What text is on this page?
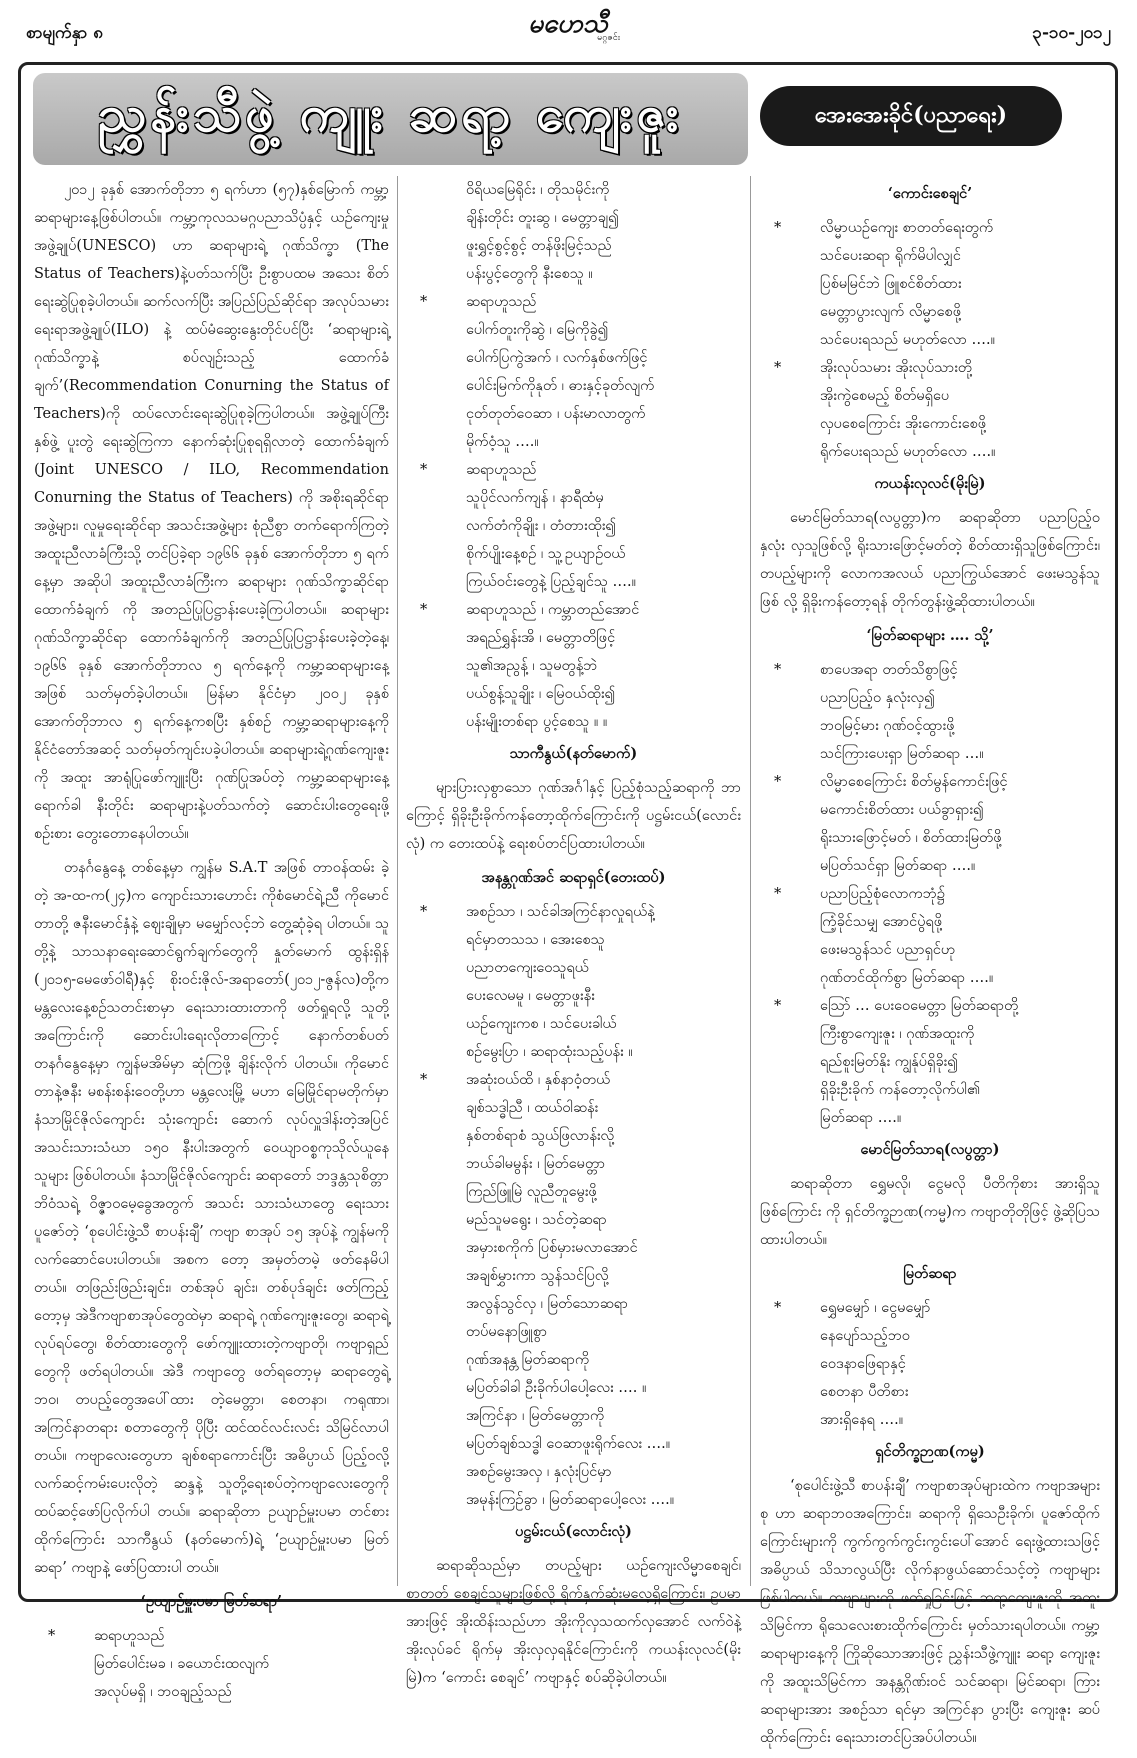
စာမျက်နှာ ၈	မဟေသီ
မဂ္ဂဇင်း	၃-၁၀-၂၀၁၂
ညွှန်းသီဖွဲ့ ကျူး ဆရာ့ ကျေးဇူး	အေးအေးခိုင်(ပညာရေး)

၂၀၁၂ ခုနှစ် အောက်တိုဘာ ၅ ရက်ဟာ (၅၇)နှစ်မြောက် ကမ္ဘာ့ဆရာများနေ့ဖြစ်ပါတယ်။ ကမ္ဘာ့ကုလသမဂ္ဂပညာသိပ္ပံနှင့် ယဉ်ကျေးမှုအဖွဲ့ချုပ်(UNESCO) ဟာ ဆရာများရဲ့ ဂုဏ်သိက္ခာ (The Status of Teachers)နဲ့ပတ်သက်ပြီး ဦးစွာပထမ အသေး စိတ် ရေးဆွဲပြုစုခဲ့ပါတယ်။ ဆက်လက်ပြီး အပြည်ပြည်ဆိုင်ရာ အလုပ်သမားရေးရာအဖွဲ့ချုပ်(ILO) နဲ့ ထပ်မံဆွေးနွေးတိုင်ပင်ပြီး ‘ဆရာများရဲ့ဂုဏ်သိက္ခာနဲ့ စပ်လျဉ်းသည့် ထောက်ခံချက်’(Recommendation Conurning the Status of Teachers)ကို ထပ်လောင်းရေးဆွဲပြုစုခဲ့ကြပါတယ်။ အဖွဲ့ချုပ်ကြီးနှစ်ဖွဲ့ ပူးတွဲ ရေးဆွဲကြကာ နောက်ဆုံးပြုစုရရှိလာတဲ့ ထောက်ခံချက် (Joint UNESCO / ILO, Recommendation Conurning the Status of Teachers) ကို အစိုးရဆိုင်ရာအဖွဲ့များ၊ လူမှုရေးဆိုင်ရာ အသင်းအဖွဲ့များ စုံညီစွာ တက်ရောက်ကြတဲ့ အထူးညီလာခံကြီးသို့ တင်ပြခဲ့ရာ ၁၉၆၆ ခုနှစ် အောက်တိုဘာ ၅ ရက်နေ့မှာ အဆိုပါ အထူးညီလာခံကြီးက ဆရာများ ဂုဏ်သိက္ခာဆိုင်ရာထောက်ခံချက် ကို အတည်ပြုပြဋ္ဌာန်းပေးခဲ့ကြပါတယ်။ ဆရာများဂုဏ်သိက္ခာဆိုင်ရာ ထောက်ခံချက်ကို အတည်ပြုပြဋ္ဌာန်းပေးခဲ့တဲ့နေ့၊ ၁၉၆၆ ခုနှစ် အောက်တိုဘာလ ၅ ရက်နေ့ကို ကမ္ဘာ့ဆရာများနေ့ အဖြစ် သတ်မှတ်ခဲ့ပါတယ်။ မြန်မာ နိုင်ငံမှာ ၂၀၀၂ ခုနှစ် အောက်တိုဘာလ ၅ ရက်နေ့ကစပြီး နှစ်စဉ် ကမ္ဘာ့ဆရာများနေ့ကို နိုင်ငံတော်အဆင့် သတ်မှတ်ကျင်းပခဲ့ပါတယ်။ ဆရာများရဲ့ဂုဏ်ကျေးဇူးကို အထူး အာရုံပြုဖော်ကျူးပြီး ဂုဏ်ပြုအပ်တဲ့ ကမ္ဘာ့ဆရာများနေ့ ရောက်ခါ နီးတိုင်း ဆရာများနဲ့ပတ်သက်တဲ့ ဆောင်းပါးတွေရေးဖို့ စဉ်းစား တွေးတောနေပါတယ်။

တနင်္ဂနွေနေ့ တစ်နေ့မှာ ကျွန်မ S.A.T အဖြစ် တာဝန်ထမ်း ခဲ့တဲ့ အ-ထ-က(၂၄)က ကျောင်းသားဟောင်း ကိုစံမောင်ရဲ့ညီ ကိုမောင်တာတို့ ဇနီးမောင်နှံနဲ့ ဈေးချိုမှာ မမျှော်လင့်ဘဲ တွေ့ဆုံခဲ့ရ ပါတယ်။ သူတို့နဲ့ သာသနာရေးဆောင်ရွက်ချက်တွေကို နှုတ်မောက် ထွန်းရှိန် (၂၀၁၅-မေဖော်ဝါရီ)နှင့် စိုးဝင်းဇိုလ်-အရာတော်(၂၀၁၂-ဇွန်လ)တို့က မန္တလေးနေ့စဉ်သတင်းစာမှာ ရေးသားထားတာကို ဖတ်ရှုရလို့ သူတို့အကြောင်းကို ဆောင်းပါးရေးလိုတာကြောင့် နောက်တစ်ပတ် တနင်္ဂနွေနေ့မှာ ကျွန်မအိမ်မှာ ဆုံကြဖို့ ချိန်းလိုက် ပါတယ်။ ကိုမောင်တာနဲ့ဇနီး မစန်းစန်းဝေတို့ဟာ မန္တလေးမြို့ မဟာ မြေမြိုင်ရာမတိုက်မှာ နံသာမြိုင်ဇိုလ်ကျောင်း သုံးကျောင်း ဆောက် လုပ်လှူဒါန်းတဲ့အပြင် အသင်းသားသံဃာ ၁၅၀ နီးပါးအတွက် ဝေယျာဝစ္စကုသိုလ်ယူနေသူများ ဖြစ်ပါတယ်။ နံသာမြိုင်ဇိုလ်ကျောင်း ဆရာတော် ဘဒ္ဒန္တသုစိတ္တာဘိဝံသရဲ့ ဝိဇ္ဇာဝမေ့ခွေအတွက် အသင်း သားသံဃာတွေ ရေးသားပူဇော်တဲ့ ‘စုပေါင်းဖွဲ့သီ စာပန်းချီ’ ကဗျာ စာအုပ် ၁၅ အုပ်နဲ့ ကျွန်မကို လက်ဆောင်ပေးပါတယ်။ အစက တော့ အမှတ်တမဲ့ ဖတ်နေမိပါတယ်။ တဖြည်းဖြည်းချင်း၊ တစ်အုပ် ချင်း၊ တစ်ပုဒ်ချင်း ဖတ်ကြည့်တော့မှ အဲဒီကဗျာစာအုပ်တွေထဲမှာ ဆရာရဲ့ ဂုဏ်ကျေးဇူးတွေ၊ ဆရာရဲ့လုပ်ရပ်တွေ၊ စိတ်ထားတွေကို ဖော်ကျူးထားတဲ့ကဗျာတို၊ ကဗျာရှည်တွေကို ဖတ်ရပါတယ်။ အဲဒီ ကဗျာတွေ ဖတ်ရတော့မှ ဆရာတွေရဲ့ ဘဝ၊ တပည့်တွေအပေါ်ထား တဲ့မေတ္တာ၊ စေတနာ၊ ကရုဏာ၊ အကြင်နာတရား စတာတွေကို ပိုပြီး ထင်ထင်လင်းလင်း သိမြင်လာပါတယ်။ ကဗျာလေးတွေဟာ ချစ်စရာကောင်းပြီး အဓိပ္ပာယ် ပြည့်ဝလို့ လက်ဆင့်ကမ်းပေးလိုတဲ့ ဆန္ဒနဲ့ သူတို့ရေးစပ်တဲ့ကဗျာလေးတွေကို ထပ်ဆင့်ဖော်ပြလိုက်ပါ တယ်။ ဆရာဆိုတာ ဥယျာဉ်မှူးပမာ တင်စားထိုက်ကြောင်း သာကီနွယ် (နတ်မောက်)ရဲ့ ‘ဥယျာဉ်မှူးပမာ မြတ်ဆရာ’ ကဗျာနဲ့ ဖော်ပြထားပါ တယ်။

‘ဥယျာဉ်မှူးပမာ မြတ်ဆရာ’
* ဆရာဟူသည်
မြတ်ပေါင်းမခ ၊ ခယောင်းထလျက်
အလုပ်မရှိ ၊ ဘဝချည့်သည်
ဝိရိယမြေရိုင်း ၊ တိုသမိုင်းကို
ချိန်းတိုင်း တူးဆွ ၊ မေတ္တာချ၍
ဖူးရွှင့်စွင့်စွင့် တန်ဖိုးမြင့်သည်
ပန်းပွင့်တွေကို နီးစေသူ ။
* ဆရာဟူသည်
ပေါက်တူးကိုဆွဲ ၊ မြေကိုခွဲ၍
ပေါက်ပြကွဲအက် ၊ လက်နှစ်ဖက်ဖြင့်
ပေါင်းမြက်ကိုနုတ် ၊ ဓားနှင့်ခုတ်လျက်
ငုတ်တုတ်ဝေဆာ ၊ ပန်းမာလာတွက်
မိုက်ဝံ့သူ ….။
* ဆရာဟူသည်
သူပိုင်လက်ကျန် ၊ နာရီထံမှ
လက်တံကိုချိုး ၊ တံတားထိုး၍
စိုက်ပျိုးနေ့စဉ် ၊ သူ့ဥယျာဉ်ဝယ်
ကြယ်ဝင်းတွေနဲ့ ပြည့်ချင်သူ ….။
* ဆရာဟူသည် ၊ ကမ္ဘာတည်အောင်
အရည်ရွှန်းအိ ၊ မေတ္တာတိဖြင့်
သူ၏အညွန့် ၊ သူမတွန့်ဘဲ
ပယ်စွန့်သူချိုး ၊ မြေဝယ်ထိုး၍
ပန်းမျိုးတစ်ရာ ပွင့်စေသူ ။ ။
သာကီနွယ်(နတ်မောက်)

များပြားလှစွာသော ဂုဏ်အင်္ဂါနှင့် ပြည့်စုံသည့်ဆရာကို ဘာ ကြောင့် ရှိခိုးဦးခိုက်ကန်တော့ထိုက်ကြောင်းကို ပဋ္ဌမ်းငယ်(လောင်းလုံ) က တေးထပ်နဲ့ ရေးစပ်တင်ပြထားပါတယ်။

အနန္တဂုဏ်အင် ဆရာရှင်(တေးထပ်)
* အစဉ်သာ ၊ သင်ခါအကြင်နာလှုရယ်နဲ့
ရင်မှာတသသ ၊ အေးစေသူ
ပညာတကျေးဝေသူရယ်
ပေးလေမမူ ၊ မေတ္တာဖူးနီး
ယဉ်ကျေးကစ ၊ သင်ပေးခါယ်
စဉ်မွေးပြာ ၊ ဆရာထုံးသည့်ပန်း ။
* အဆုံးဝယ်ထိ ၊ နှစ်နာဝံ့တယ်
ချစ်သဒ္ဓါညီ ၊ ထယ်ဝါဆန်း
နှစ်တစ်ရာစံ သွယ်ဖြလာန်းလို့
ဘယ်ခါမမွန်း ၊ မြတ်မေတ္တာ
ကြည်ဖြူမြဲ လူညီတူမွေးဖို့
မည်သူမရွေး ၊ သင်တဲ့ဆရာ
အမှားစကိုက် ပြစ်မှားမလာအောင်
အချစ်မွှားကာ သွန်သင်ပြလို့
အလွန်သွင်လှ ၊ မြတ်သောဆရာ
တပ်မနောဖြူစွာ
ဂုဏ်အနန္တ မြတ်ဆရာကို
မပြတ်ခါခါ ဦးခိုက်ပါပေါ့လေး …. ။
အကြင်နာ ၊ မြတ်မေတ္တာကို
မပြတ်ချစ်သဒ္ဓါ ဝေဆာဖူးရိုက်လေး ….။
အစဉ်မွေးအလှ ၊ နှလုံးပြင်မှာ
အမုန်းကြဉ်ခွာ ၊ မြတ်ဆရာပေါ့လေး ….။
ပဋ္ဌမ်းငယ်(လောင်းလုံ)

ဆရာဆိုသည်မှာ တပည့်များ ယဉ်ကျေးလိမ္မာစေချင်၊ စာတတ် စေချင်သူများဖြစ်လို့ ရိုက်နှက်ဆုံးမလေ့ရှိကြောင်း၊ ဥပမာအားဖြင့် အိုးထိန်းသည်ဟာ အိုးကိုလှသထက်လှအောင် လက်ဝဲနဲ့ အိုးလုပ်ခင် ရိုက်မှ အိုးလှလှရနိုင်ကြောင်းကို ကယန်းလုလင်(မိုးမြဲ)က ‘ကောင်း စေချင်’ ကဗျာနှင့် စပ်ဆိုခဲ့ပါတယ်။

‘ကောင်းစေချင်’
* လိမ္မာယဉ်ကျေး စာတတ်ရေးတွက်
သင်ပေးဆရာ ရိုက်မိပါလျှင်
ပြစ်မမြင်ဘဲ ဖြူစင်စိတ်ထား
မေတ္တာပွားလျက် လိမ္မာစေဖို့
သင်ပေးရသည် မဟုတ်လော ….။
* အိုးလုပ်သမား အိုးလုပ်သားတို့
အိုးကွဲစေမည့် စိတ်မရှိပေ
လှပစေကြောင်း အိုးကောင်းစေဖို့
ရိုက်ပေးရသည် မဟုတ်လော ….။
ကယန်းလုလင်(မိုးမြဲ)

မောင်မြတ်သာရ(လပွတ္တာ)က ဆရာဆိုတာ ပညာပြည့်ဝ နှလုံး လှသူဖြစ်လို့ ရိုးသားဖြောင့်မတ်တဲ့ စိတ်ထားရှိသူဖြစ်ကြောင်း၊ တပည့်များကို လောကအလယ် ပညာကြွယ်အောင် ဖေးမသွန်သူဖြစ် လို့ ရှိခိုးကန်တော့ရန် တိုက်တွန်းဖွဲ့ဆိုထားပါတယ်။

‘မြတ်ဆရာများ …. သို့’
* စာပေအရာ တတ်သိစွာဖြင့်
ပညာပြည့်ဝ နှလုံးလှ၍
ဘဝမြင့်မား ဂုဏ်ဝင့်ထွားဖို့
သင်ကြားပေးရှာ မြတ်ဆရာ …။
* လိမ္မာစေကြောင်း စိတ်မွန်ကောင်းဖြင့်
မကောင်းစိတ်ထား ပယ်ခွာရှား၍
ရိုးသားဖြောင့်မတ် ၊ စိတ်ထားမြတ်ဖို့
မပြတ်သင်ရှာ မြတ်ဆရာ ….။
* ပညာပြည့်စုံလောကဘုံ၌
ကြံ့ခိုင်သမျှ အောင်ပွဲရဖို့
ဖေးမသွန်သင် ပညာရှင်ဟု
ဂုဏ်တင်ထိုက်စွာ မြတ်ဆရာ ….။
* သြော် … ပေးဝေမေတ္တာ မြတ်ဆရာတို့
ကြီးစွာကျေးဇူး ၊ ဂုဏ်အထူးကို
ရည်စူးမြတ်နိုး ကျွန်ုပ်ရှိခိုး၍
ရှိခိုးဦးခိုက် ကန်တော့လိုက်ပါ၏
မြတ်ဆရာ ….။
မောင်မြတ်သာရ(လပွတ္တာ)

ဆရာဆိုတာ ရွှေမလို၊ ငွေမလို ပီတိကိုစား အားရှိသူဖြစ်ကြောင်း ကို ရှင်တိက္ခဉာဏ(ကမ္မ)က ကဗျာတိုတိုဖြင့် ဖွဲ့ဆိုပြသထားပါတယ်။

မြတ်ဆရာ
* ရွှေမမျှော် ၊ ငွေမမျှော်
နေပျော်သည့်ဘဝ
ဝေဒနာဖြေရာနှင့်
စေတနာ ပီတိစား
အားရှိနေရ ….။
ရှင်တိက္ခဉာဏ(ကမ္မ)

‘စုပေါင်းဖွဲ့သီ စာပန်းချီ’ ကဗျာစာအုပ်များထဲက ကဗျာအများစု ဟာ ဆရာဘဝအကြောင်း၊ ဆရာကို ရှိသေဦးခိုက်၊ ပူဇော်ထိုက် ကြောင်းများကို ကွက်ကွက်ကွင်းကွင်းပေါ်အောင် ရေးဖွဲ့ထားသဖြင့် အဓိပ္ပာယ် သိသာလွယ်ပြီး လိုက်နာဖွယ်ဆောင်သင့်တဲ့ ကဗျာများ ဖြစ်ပါတယ်။ ကဗျာများကို ဖတ်ရှုခြင်းဖြင့် ဆရာ့ကျေးဇူးကို အထူး သိမြင်ကာ ရိုသေလေးစားထိုက်ကြောင်း မှတ်သားရပါတယ်။ ကမ္ဘာ့ဆရာများနေ့ကို ကြိုဆိုသောအားဖြင့် ညွှန်းသီဖွဲ့ကျူး ဆရာ့ ကျေးဇူးကို အထူးသိမြင်ကာ အနန္တဂိုဏ်းဝင် သင်ဆရာ၊ မြင်ဆရာ၊ ကြားဆရာများအား အစဉ်သာ ရင်မှာ အကြင်နာ ပွားပြီး ကျေးဇူး ဆပ်ထိုက်ကြောင်း ရေးသားတင်ပြအပ်ပါတယ်။
